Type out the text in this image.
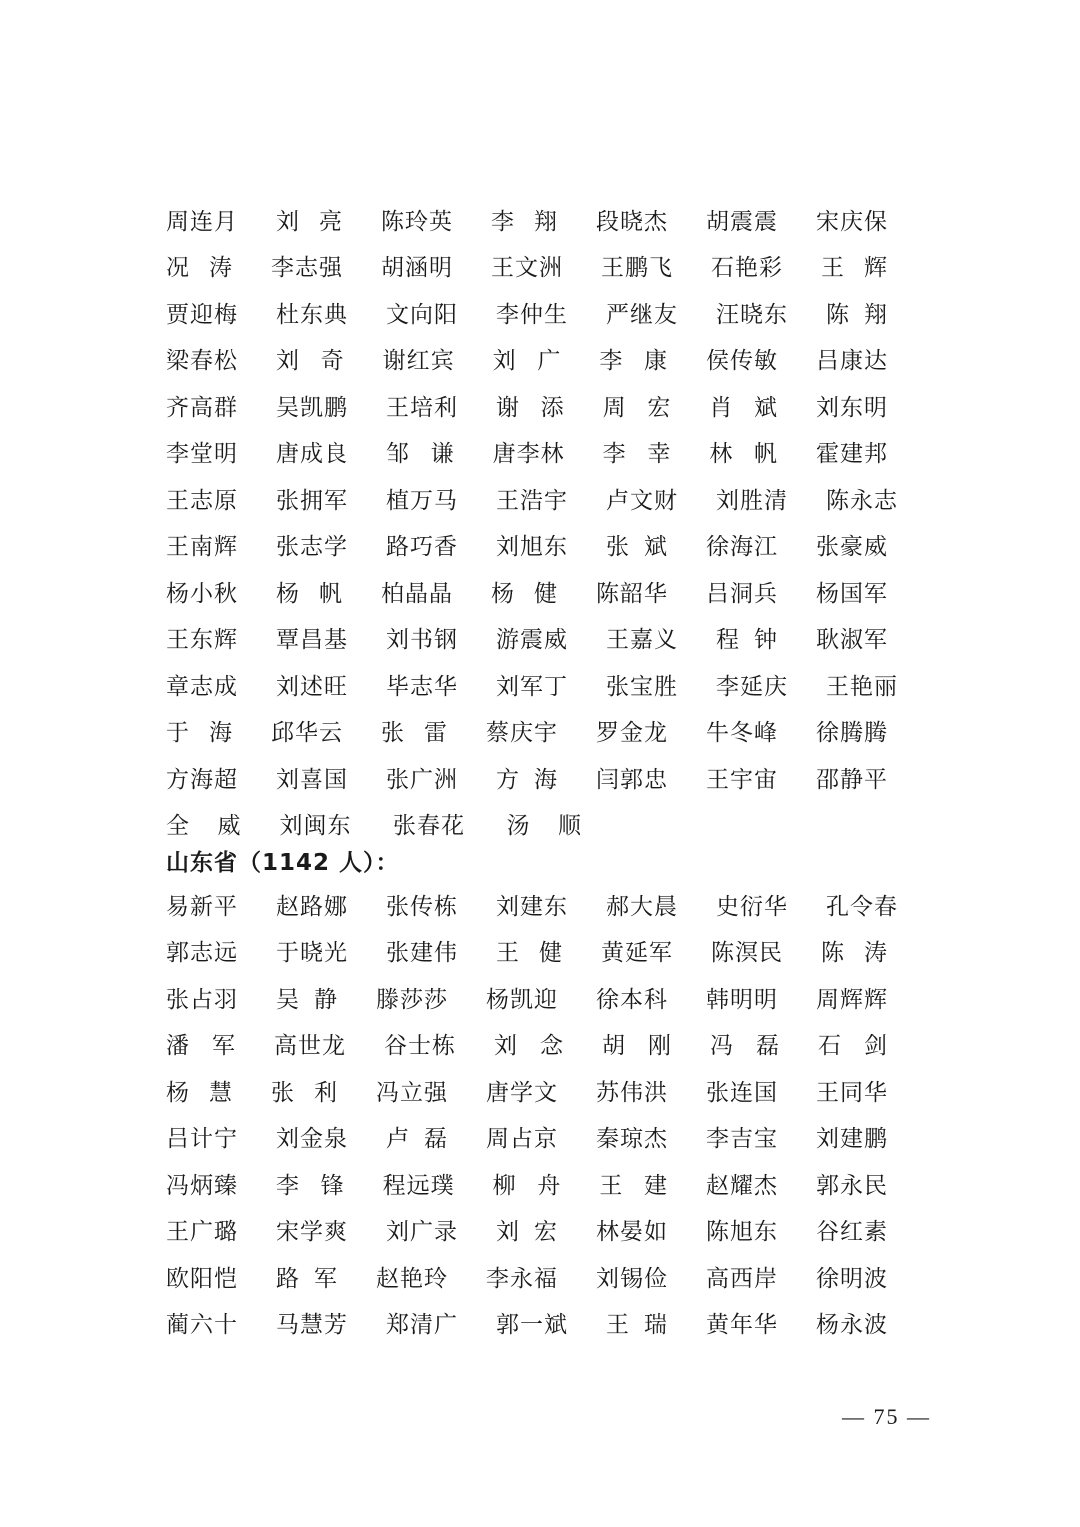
周连月 刘 亮 陈玲英 李 翔 段晓杰 胡震震 宋庆保
况 涛 李志强 胡涵明 王文洲 王鹏飞 石艳彩 王 辉
贾迎梅 杜东典 文向阳 李仲生 严继友 汪晓东 陈 翔
梁春松 刘 奇 谢红宾 刘 广 李 康 侯传敏 吕康达
齐高群 吴凯鹏 王培利 谢 添 周 宏 肖 斌 刘东明
李堂明 唐成良 邹 谦 唐李林 李 幸 林 帆 霍建邦
王志原 张拥军 植万马 王浩宇 卢文财 刘胜清 陈永志
王南辉 张志学 路巧香 刘旭东 张 斌 徐海江 张豪威
杨小秋 杨 帆 柏晶晶 杨 健 陈韶华 吕洞兵 杨国军
王东辉 覃昌基 刘书钢 游震威 王嘉义 程 钟 耿淑军
章志成 刘述旺 毕志华 刘军丁 张宝胜 李延庆 王艳丽
于 海 邱华云 张 雷 蔡庆宇 罗金龙 牛冬峰 徐腾腾
方海超 刘喜国 张广洲 方 海 闫郭忠 王宇宙 邵静平
全 威 刘闽东 张春花 汤 顺
山东省（1142 人）：
易新平 赵路娜 张传栋 刘建东 郝大晨 史衍华 孔令春
郭志远 于晓光 张建伟 王 健 黄延军 陈溟民 陈 涛
张占羽 吴 静 滕莎莎 杨凯迎 徐本科 韩明明 周辉辉
潘 军 高世龙 谷士栋 刘 念 胡 刚 冯 磊 石 剑
杨 慧 张 利 冯立强 唐学文 苏伟洪 张连国 王同华
吕计宁 刘金泉 卢 磊 周占京 秦琼杰 李吉宝 刘建鹏
冯炳臻 李 锋 程远璞 柳 舟 王 建 赵耀杰 郭永民
王广璐 宋学爽 刘广录 刘 宏 林晏如 陈旭东 谷红素
欧阳恺 路 军 赵艳玲 李永福 刘锡俭 高西岸 徐明波
蔺六十 马慧芳 郑清广 郭一斌 王 瑞 黄年华 杨永波
— 75 —
